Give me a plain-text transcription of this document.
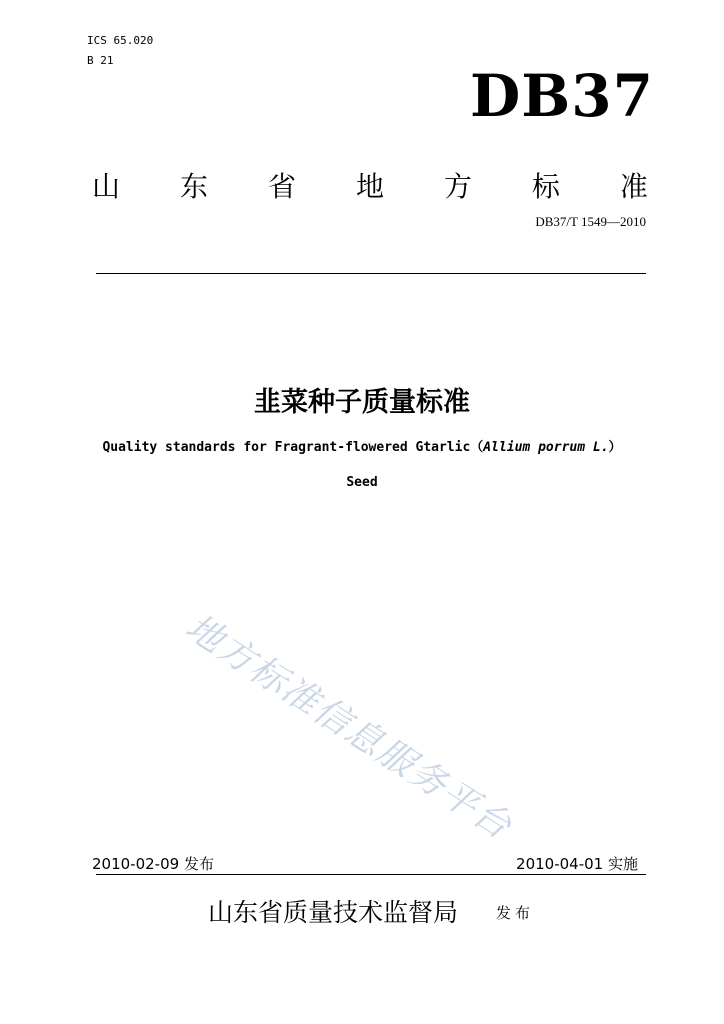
ICS 65.020
B 21
DB37
山 东 省 地 方 标 准
DB37/T 1549—2010
韭菜种子质量标准
Quality standards for Fragrant-flowered Gtarlic（Allium porrum L.）
Seed
地方标准信息服务平台
2010-02-09 发布	2010-04-01 实施
山东省质量技术监督局	发布
